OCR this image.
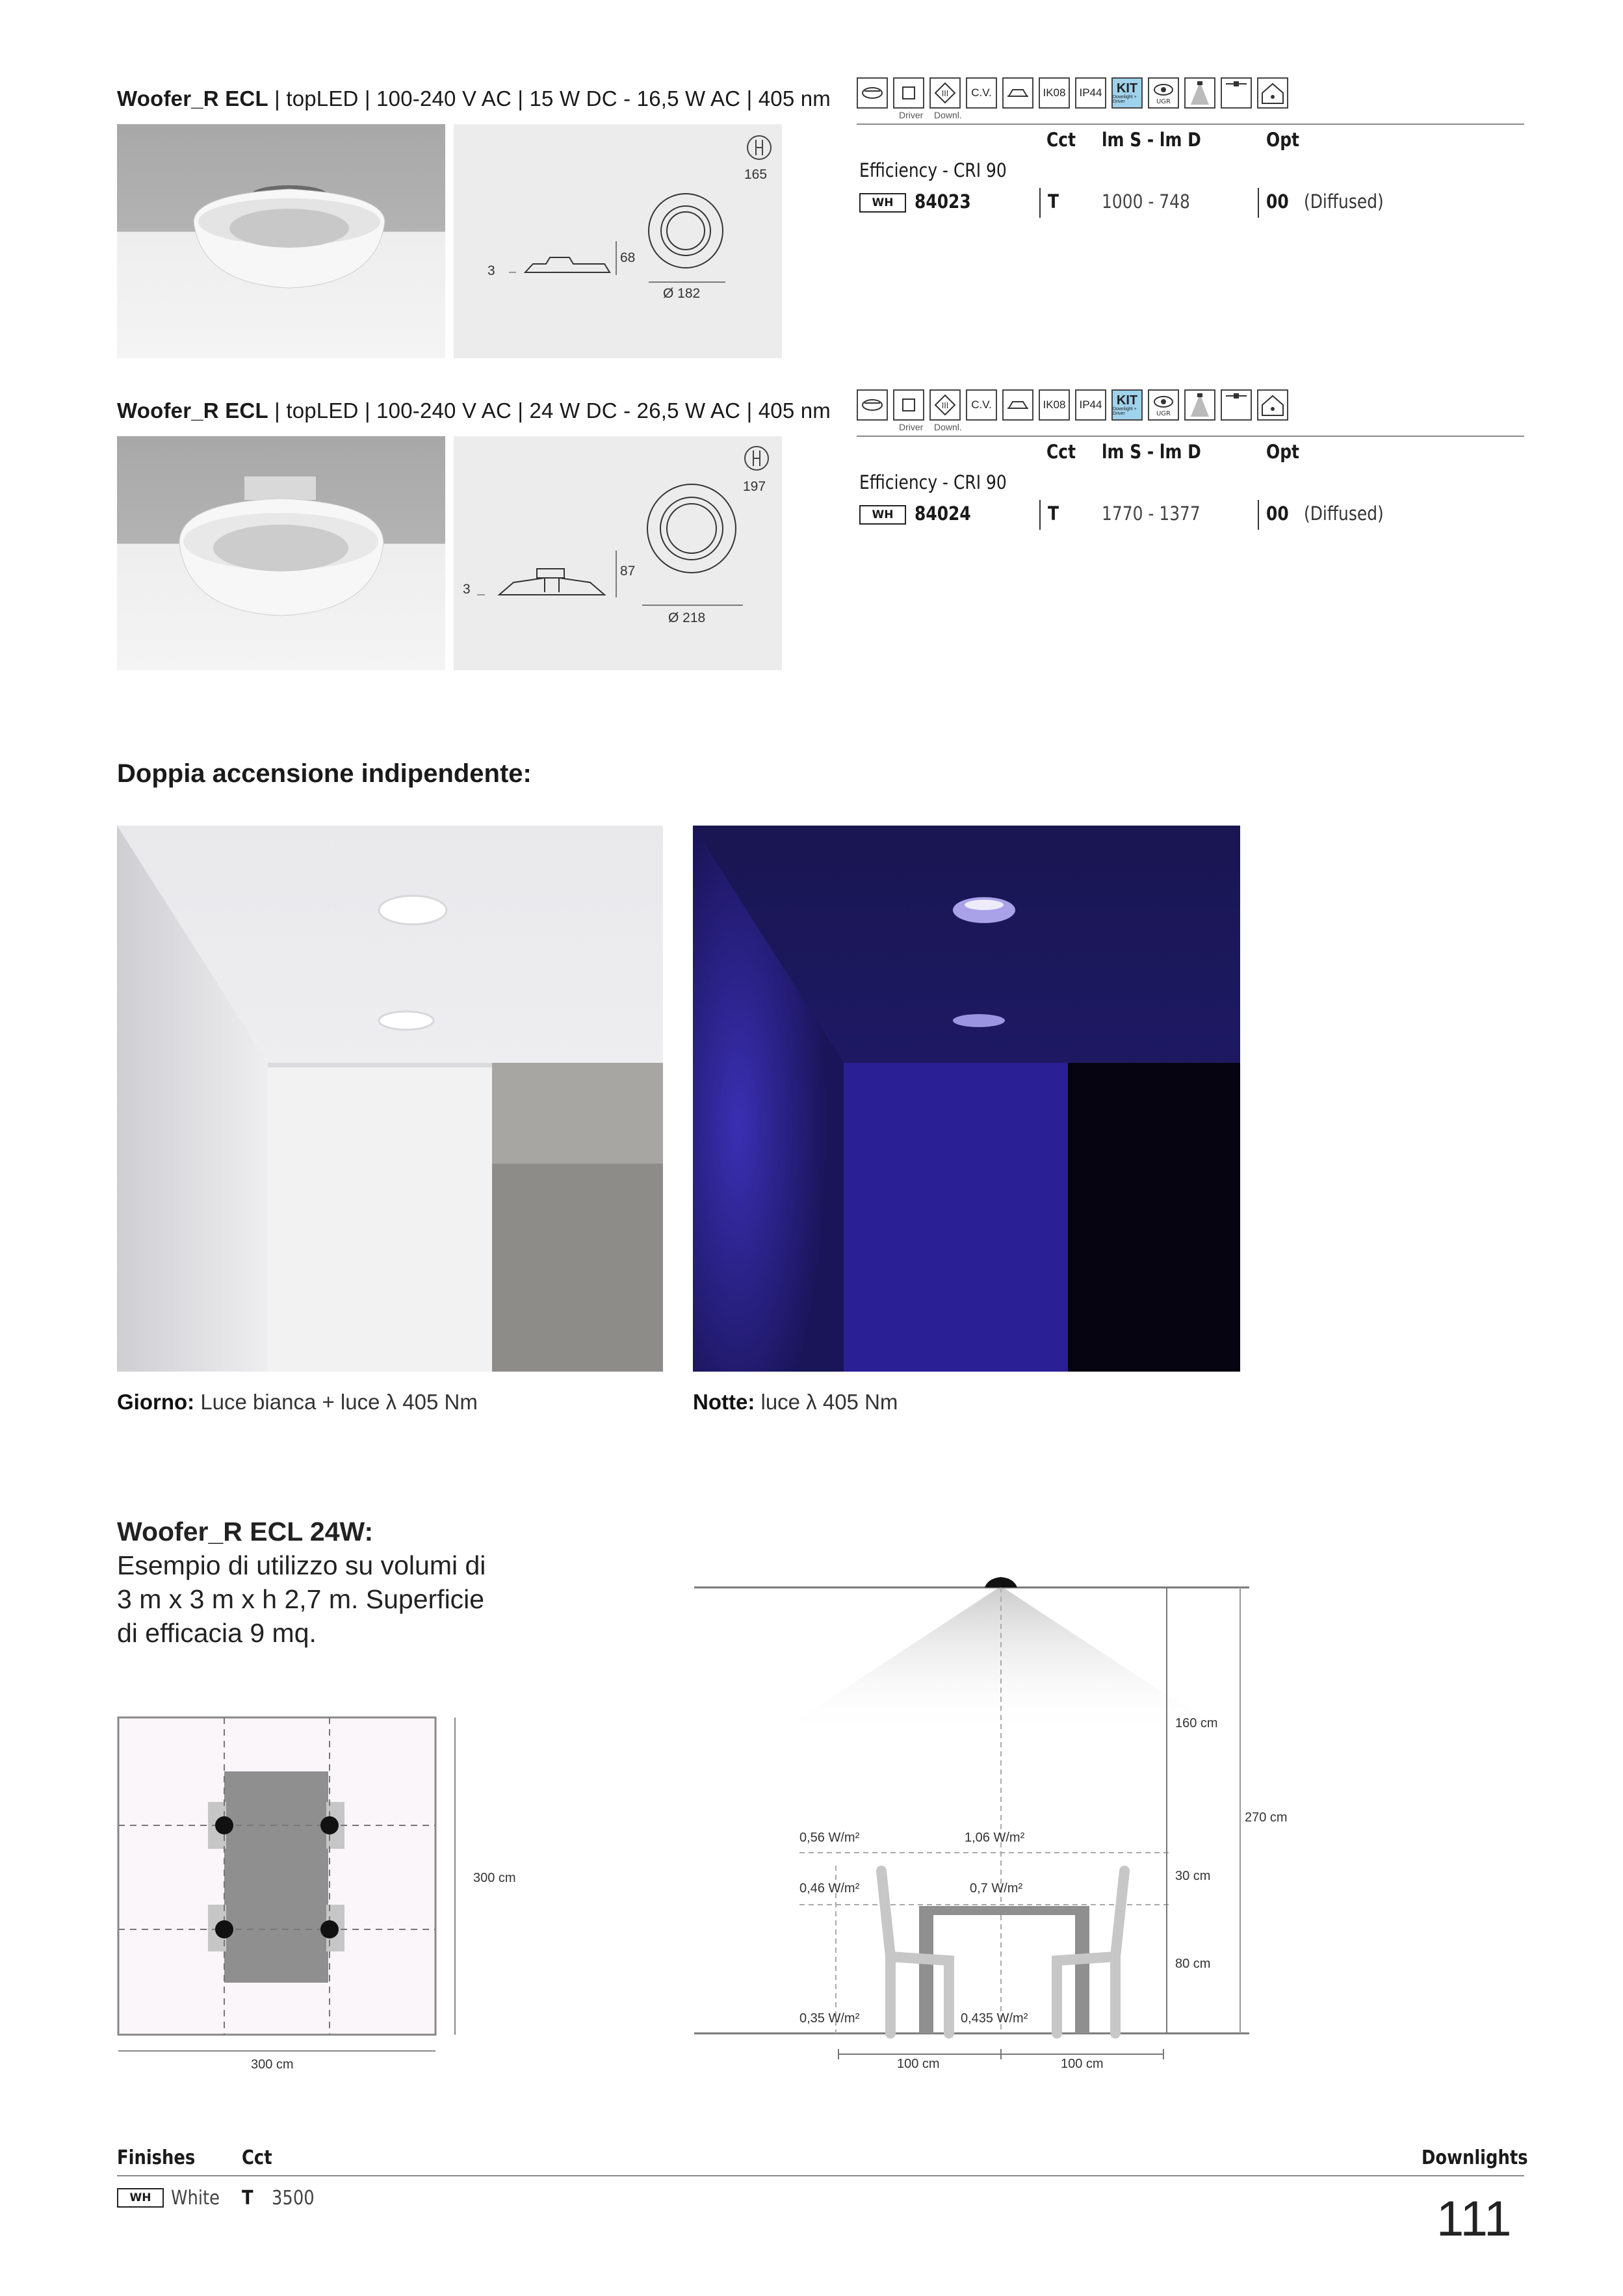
Woofer_R ECL | topLED | 100-240 V AC | 15 W DC - 16,5 W AC | 405 nm
165
68
3
Ø 182
III	C.V.	IK08	IP44	KIT
Downlight + Driver	UGR
Driver Downl.
Cct lm S - lm D	Opt
Efficiency - CRI 90
WH	84023	T 1000 - 748	00 (Diffused)
Woofer_R ECL | topLED | 100-240 V AC | 24 W DC - 26,5 W AC | 405 nm
197
87
3
Ø 218
III	C.V.	IK08	IP44	KIT
Downlight + Driver	UGR
Driver Downl.
Cct lm S - lm D	Opt
Efficiency - CRI 90
WH	84024	T 1770 - 1377	00 (Diffused)
Doppia accensione indipendente:
Giorno: Luce bianca + luce λ 405 Nm	Notte: luce λ 405 Nm
Woofer_R ECL 24W:
Esempio di utilizzo su volumi di
3 m x 3 m x h 2,7 m. Superficie
di efficacia 9 mq.
300 cm
300 cm
160 cm
270 cm
30 cm
80 cm
100 cm	100 cm
0,56 W/m²	1,06 W/m²
0,46 W/m²	0,7 W/m²
0,35 W/m²	0,435 W/m²
Finishes Cct	Downlights
WH	White T 3500	111
